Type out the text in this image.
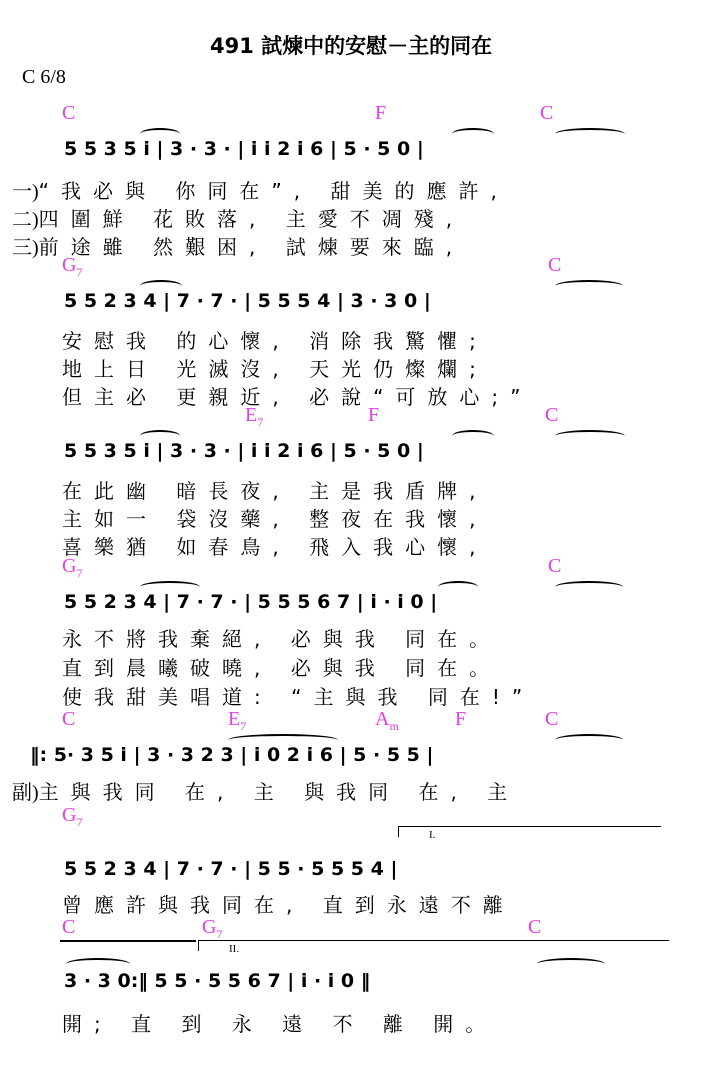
491 試煉中的安慰－主的同在
C 6/8
C	F	C
5 5 3 5 i | 3 · 3 · | i i 2 i 6 | 5 · 5 0 |
一)“我必與 你同在”, 甜美的應許,
二)四圍鮮 花敗落, 主愛不凋殘,
三)前途雖 然艱困, 試煉要來臨,
$G_7$	C
5 5 2 3 4 | 7 · 7 · | 5 5 5 4 | 3 · 3 0 |
安慰我 的心懷, 消除我驚懼;
地上日 光滅沒, 天光仍燦爛;
但主必 更親近, 必說“可放心;”
$E_7$	F	C
5 5 3 5 i | 3 · 3 · | i i 2 i 6 | 5 · 5 0 |
在此幽 暗長夜, 主是我盾牌,
主如一 袋沒藥, 整夜在我懷,
喜樂猶 如春鳥, 飛入我心懷,
$G_7$	C
5 5 2 3 4 | 7 · 7 · | 5 5 5 6 7 | i · i 0 |
永不將我棄絕, 必與我 同在。
直到晨曦破曉, 必與我 同在。
使我甜美唱道: “主與我 同在!”
C	$E_7$	$A_m$	F	C
‖: 5· 3 5 i | 3 · 3 2 3 | i 0 2 i 6 | 5 · 5 5 |
副)主與我同 在, 主 與我同 在, 主
$G_7$
I.
5 5 2 3 4 | 7 · 7 · | 5 5 · 5 5 5 4 |
曾應許與我同在, 直到永遠不離
C	$G_7$	C
II.
3 · 3 0:‖ 5 5 · 5 5 6 7 | i · i 0 ‖
開; 直 到 永 遠 不 離 開。
